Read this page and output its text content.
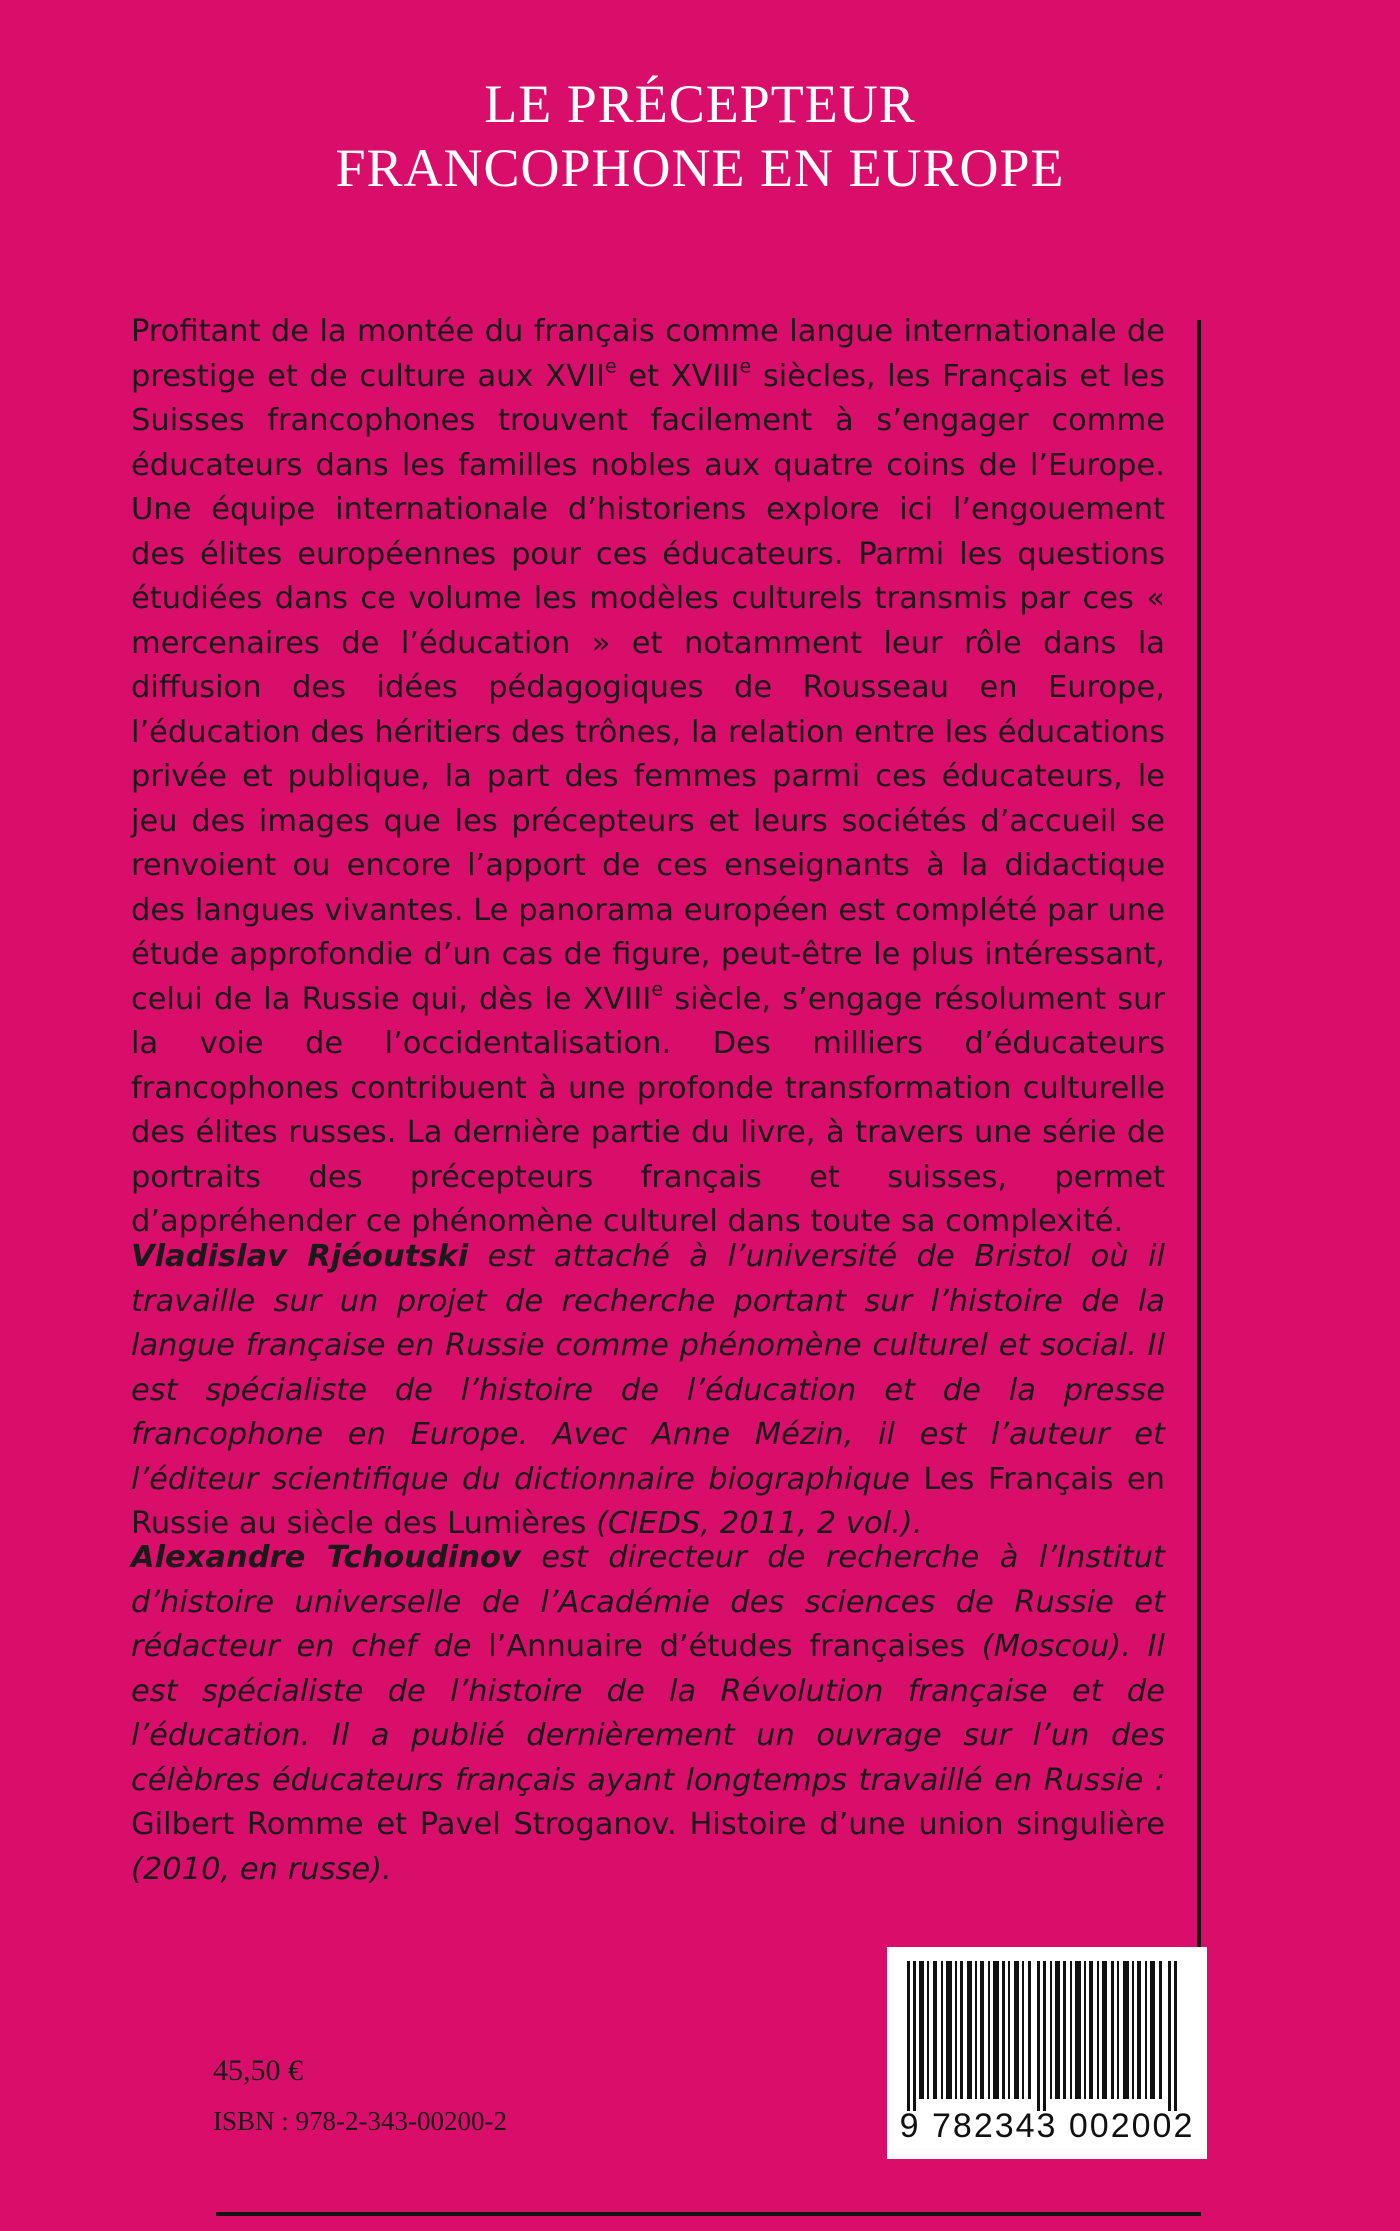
LE PRÉCEPTEUR
FRANCOPHONE EN EUROPE

Profitant de la montée du français comme langue internationale de prestige et de culture aux XVIIe et XVIIIe siècles, les Français et les Suisses francophones trouvent facilement à s’engager comme éducateurs dans les familles nobles aux quatre coins de l’Europe. Une équipe internationale d’historiens explore ici l’engouement des élites européennes pour ces éducateurs. Parmi les questions étudiées dans ce volume les modèles culturels transmis par ces « mercenaires de l’éducation » et notamment leur rôle dans la diffusion des idées pédagogiques de Rousseau en Europe, l’éducation des héritiers des trônes, la relation entre les éducations privée et publique, la part des femmes parmi ces éducateurs, le jeu des images que les précepteurs et leurs sociétés d’accueil se renvoient ou encore l’apport de ces enseignants à la didactique des langues vivantes. Le panorama européen est complété par une étude approfondie d’un cas de figure, peut-être le plus intéressant, celui de la Russie qui, dès le XVIIIe siècle, s’engage résolument sur la voie de l’occidentalisation. Des milliers d’éducateurs francophones contribuent à une profonde transformation culturelle des élites russes. La dernière partie du livre, à travers une série de portraits des précepteurs français et suisses, permet d’appréhender ce phénomène culturel dans toute sa complexité.

Vladislav Rjéoutski est attaché à l’université de Bristol où il travaille sur un projet de recherche portant sur l’histoire de la langue française en Russie comme phénomène culturel et social. Il est spécialiste de l’histoire de l’éducation et de la presse francophone en Europe. Avec Anne Mézin, il est l’auteur et l’éditeur scientifique du dictionnaire biographique Les Français en Russie au siècle des Lumières (CIEDS, 2011, 2 vol.).

Alexandre Tchoudinov est directeur de recherche à l’Institut d’histoire universelle de l’Académie des sciences de Russie et rédacteur en chef de l’Annuaire d’études françaises (Moscou). Il est spécialiste de l’histoire de la Révolution française et de l’éducation. Il a publié dernièrement un ouvrage sur l’un des célèbres éducateurs français ayant longtemps travaillé en Russie : Gilbert Romme et Pavel Stroganov. Histoire d’une union singulière (2010, en russe).

9 782343 002002
45,50 €
ISBN : 978-2-343-00200-2
